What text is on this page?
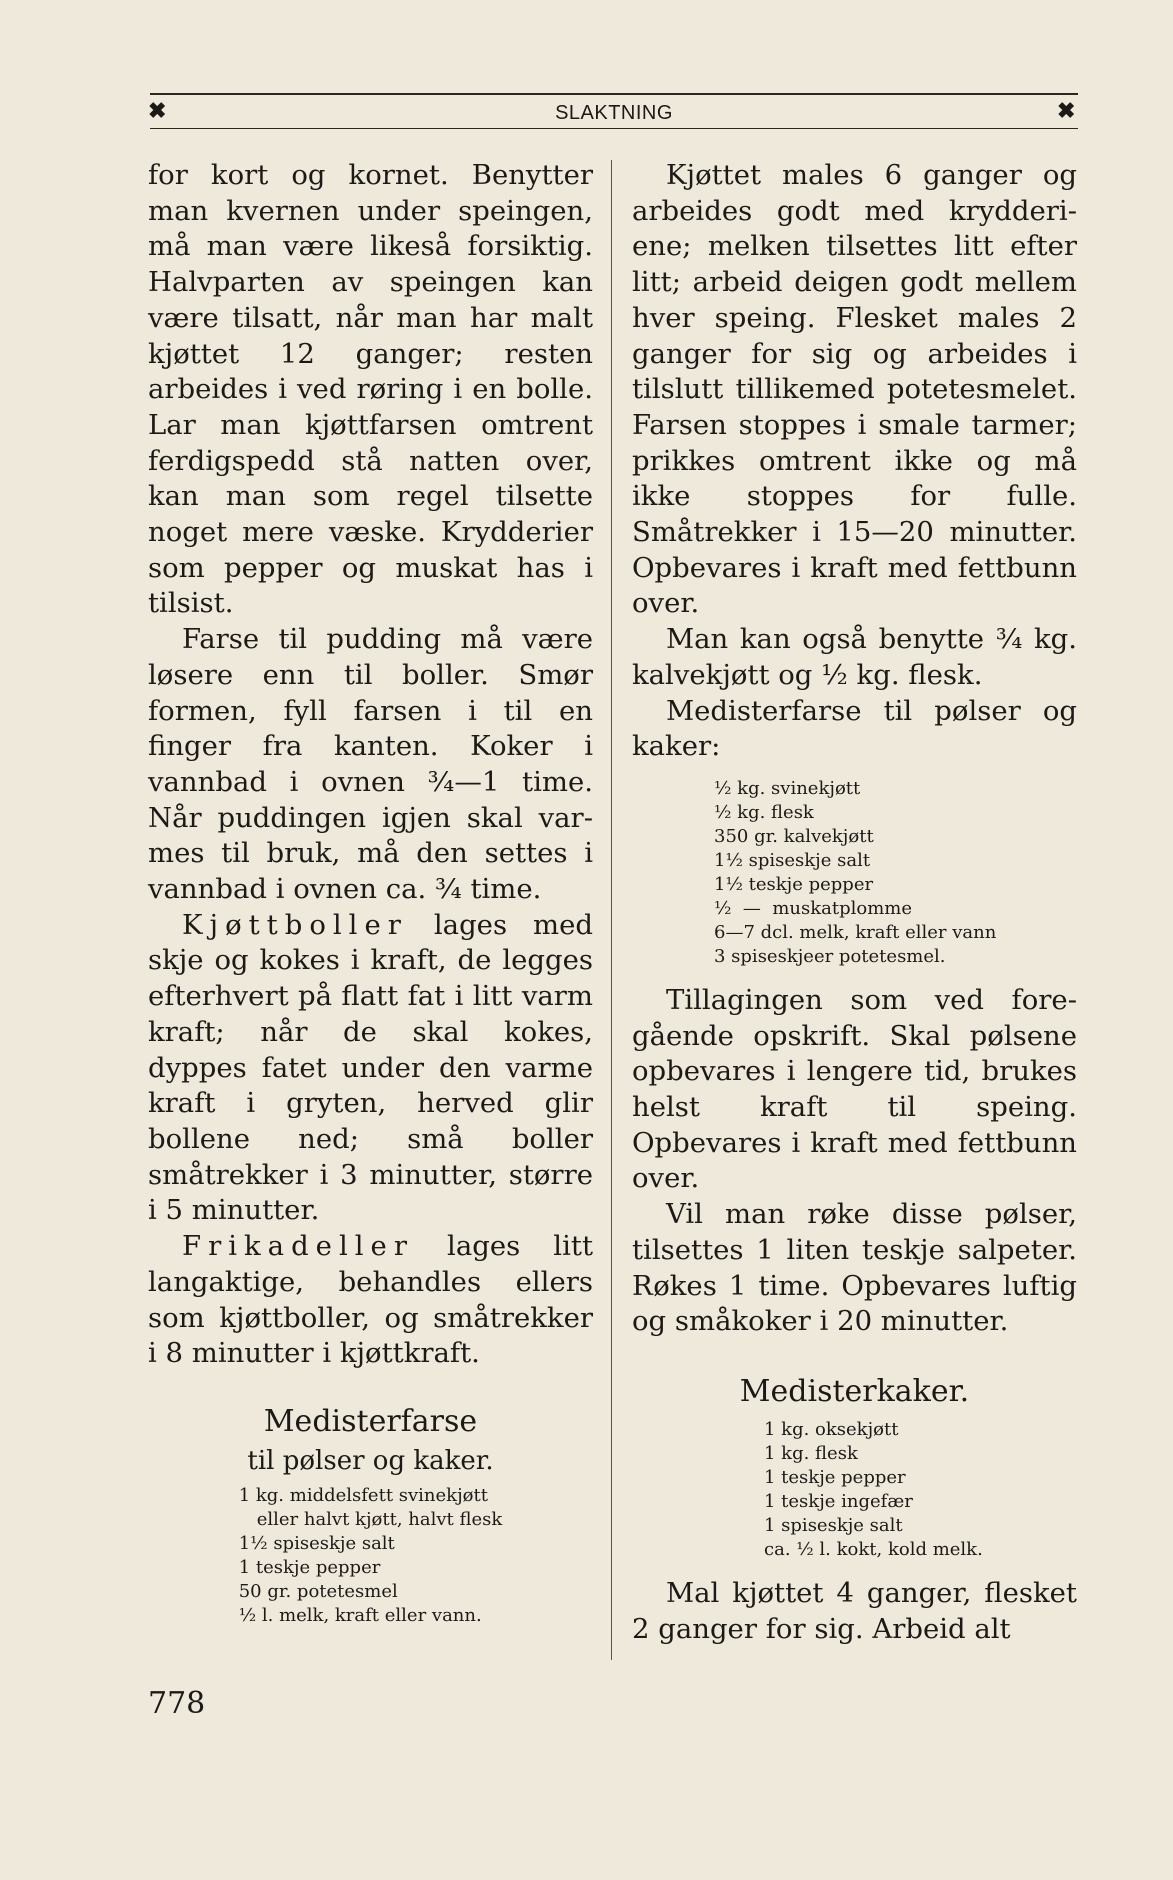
✖	SLAKTNING	✖

for kort og kornet. Benytter man kvernen under speingen, må man være likeså forsiktig. Halvparten av speingen kan være tilsatt, når man har malt kjøttet 12 ganger; resten arbeides i ved røring i en bolle. Lar man kjøttfarsen omtrent ferdigspedd stå natten over, kan man som regel tilsette noget mere væske. Krydderier som pepper og muskat has i tilsist.

Farse til pudding må være løsere enn til boller. Smør formen, fyll farsen i til en finger fra kanten. Koker i vannbad i ovnen ¾—1 time. Når puddingen igjen skal varmes til bruk, må den settes i vannbad i ovnen ca. ¾ time.

Kjøttboller lages med skje og kokes i kraft, de legges efterhvert på flatt fat i litt varm kraft; når de skal kokes, dyppes fatet under den varme kraft i gryten, herved glir bollene ned; små boller småtrekker i 3 minutter, større i 5 minutter.

Frikadeller lages litt langaktige, behandles ellers som kjøttboller, og småtrekker i 8 minutter i kjøttkraft.

Medisterfarse
til pølser og kaker.
1 kg. middelsfett svinekjøtt
eller halvt kjøtt, halvt flesk
1½ spiseskje salt
1 teskje pepper
50 gr. potetesmel
½ l. melk, kraft eller vann.

Kjøttet males 6 ganger og arbeides godt med krydderiene; melken tilsettes litt efter litt; arbeid deigen godt mellem hver speing. Flesket males 2 ganger for sig og arbeides i tilslutt tillikemed potetesmelet. Farsen stoppes i smale tarmer; prikkes omtrent ikke og må ikke stoppes for fulle. Småtrekker i 15—20 minutter. Opbevares i kraft med fettbunn over.

Man kan også benytte ¾ kg. kalvekjøtt og ½ kg. flesk.

Medisterfarse til pølser og kaker:

½ kg. svinekjøtt
½ kg. flesk
350 gr. kalvekjøtt
1½ spiseskje salt
1½ teskje pepper
½  —  muskatplomme
6—7 dcl. melk, kraft eller vann
3 spiseskjeer potetesmel.

Tillagingen som ved foregående opskrift. Skal pølsene opbevares i lengere tid, brukes helst kraft til speing. Opbevares i kraft med fettbunn over.

Vil man røke disse pølser, tilsettes 1 liten teskje salpeter. Røkes 1 time. Opbevares luftig og småkoker i 20 minutter.

Medisterkaker.
1 kg. oksekjøtt
1 kg. flesk
1 teskje pepper
1 teskje ingefær
1 spiseskje salt
ca. ½ l. kokt, kold melk.

Mal kjøttet 4 ganger, flesket 2 ganger for sig. Arbeid alt

778
